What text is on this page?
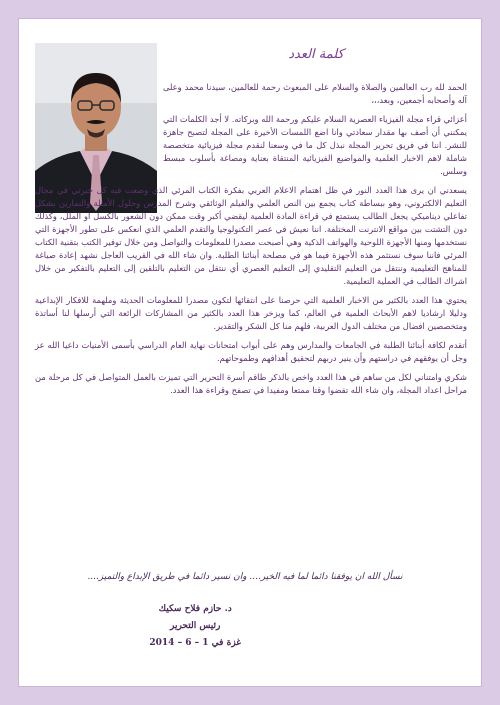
كلمة العدد

الحمد لله رب العالمين والصلاة والسلام على المبعوث رحمة للعالمين، سيدنا محمد وعلى آله وأصحابه أجمعين، وبعد،،،

أعزائي قراء مجلة الفيزياء العصرية السلام عليكم ورحمة الله وبركاته. لا أجد الكلمات التي يمكنني أن أصف بها مقدار سعادتي وانا اضع اللمسات الأخيرة على المجلة لتصبح جاهزة للنشر. اننا في فريق تحرير المجلة نبذل كل ما في وسعنا لنقدم مجلة فيزيائية متخصصة شاملة لاهم الاخبار العلمية والمواضيع الفيزيائية المنتقاة بعناية ومصاغة بأسلوب مبسط وسلس.

يسعدني ان يرى هذا العدد النور في ظل اهتمام الاعلام العربي بفكرة الكتاب المرئي الذي وضعت فيه كل خبرتي في مجال التعليم الالكتروني، وهو ببساطة كتاب يجمع بين النص العلمي والفيلم الوثائقي وشرح المدرس وحلول الأمثلة والتمارين بشكل تفاعلي ديناميكي يجعل الطالب يستمتع في قراءة المادة العلمية ليقضي أكبر وقت ممكن دون الشعور بالكسل او الملل، وكذلك دون التشتت بين مواقع الانترنت المختلفة. اننا نعيش في عصر التكنولوجيا والتقدم العلمي الذي انعكس على تطور الأجهزة التي نستخدمها ومنها الأجهزة اللوحية والهواتف الذكية وهي أصبحت مصدرا للمعلومات والتواصل ومن خلال توفير الكتب بتقنية الكتاب المرئي فاننا سوف نستثمر هذه الأجهزة فيما هو في مصلحة أبنائنا الطلبة. وان شاء الله في القريب العاجل نشهد إعادة صياغة للمناهج التعليمية وننتقل من التعليم التقليدي إلى التعليم العصري أي ننتقل من التعليم بالتلقين إلى التعليم بالتفكير من خلال اشراك الطالب في العملية التعليمية.

يحتوي هذا العدد بالكثير من الاخبار العلمية التي حرصنا على انتقائها لتكون مصدرا للمعلومات الحديثة وملهمة للافكار الإبداعية ودليلا ارشاديا لاهم الأبحاث العلمية في العالم، كما ويزخر هذا العدد بالكثير من المشاركات الرائعة التي أرسلها لنا أساتذة ومتخصصين افضال من مختلف الدول العربية، فلهم منا كل الشكر والتقدير.

أتقدم لكافة أبنائنا الطلبة في الجامعات والمدارس وهم على أبواب امتحانات نهاية العام الدراسي بأسمى الأمنيات داعيا الله عز وجل أن يوفقهم في دراستهم وأن ينير دربهم لتحقيق أهدافهم وطموحاتهم.

شكري وامتناني لكل من ساهم في هذا العدد واخص بالذكر طاقم أسرة التحرير التي تميزت بالعمل المتواصل في كل مرحلة من مراحل اعداد المجلة، وان شاء الله تقضوا وقتا ممتعا ومفيدا في تصفح وقراءة هذا العدد.

نسأل الله ان يوفقنا دائما لما فيه الخير.... وان نسير دائما في طريق الإبداع والتميز....
د. حازم فلاح سكيك
رئيس التحرير
غزة في 1 – 6 – 2014
